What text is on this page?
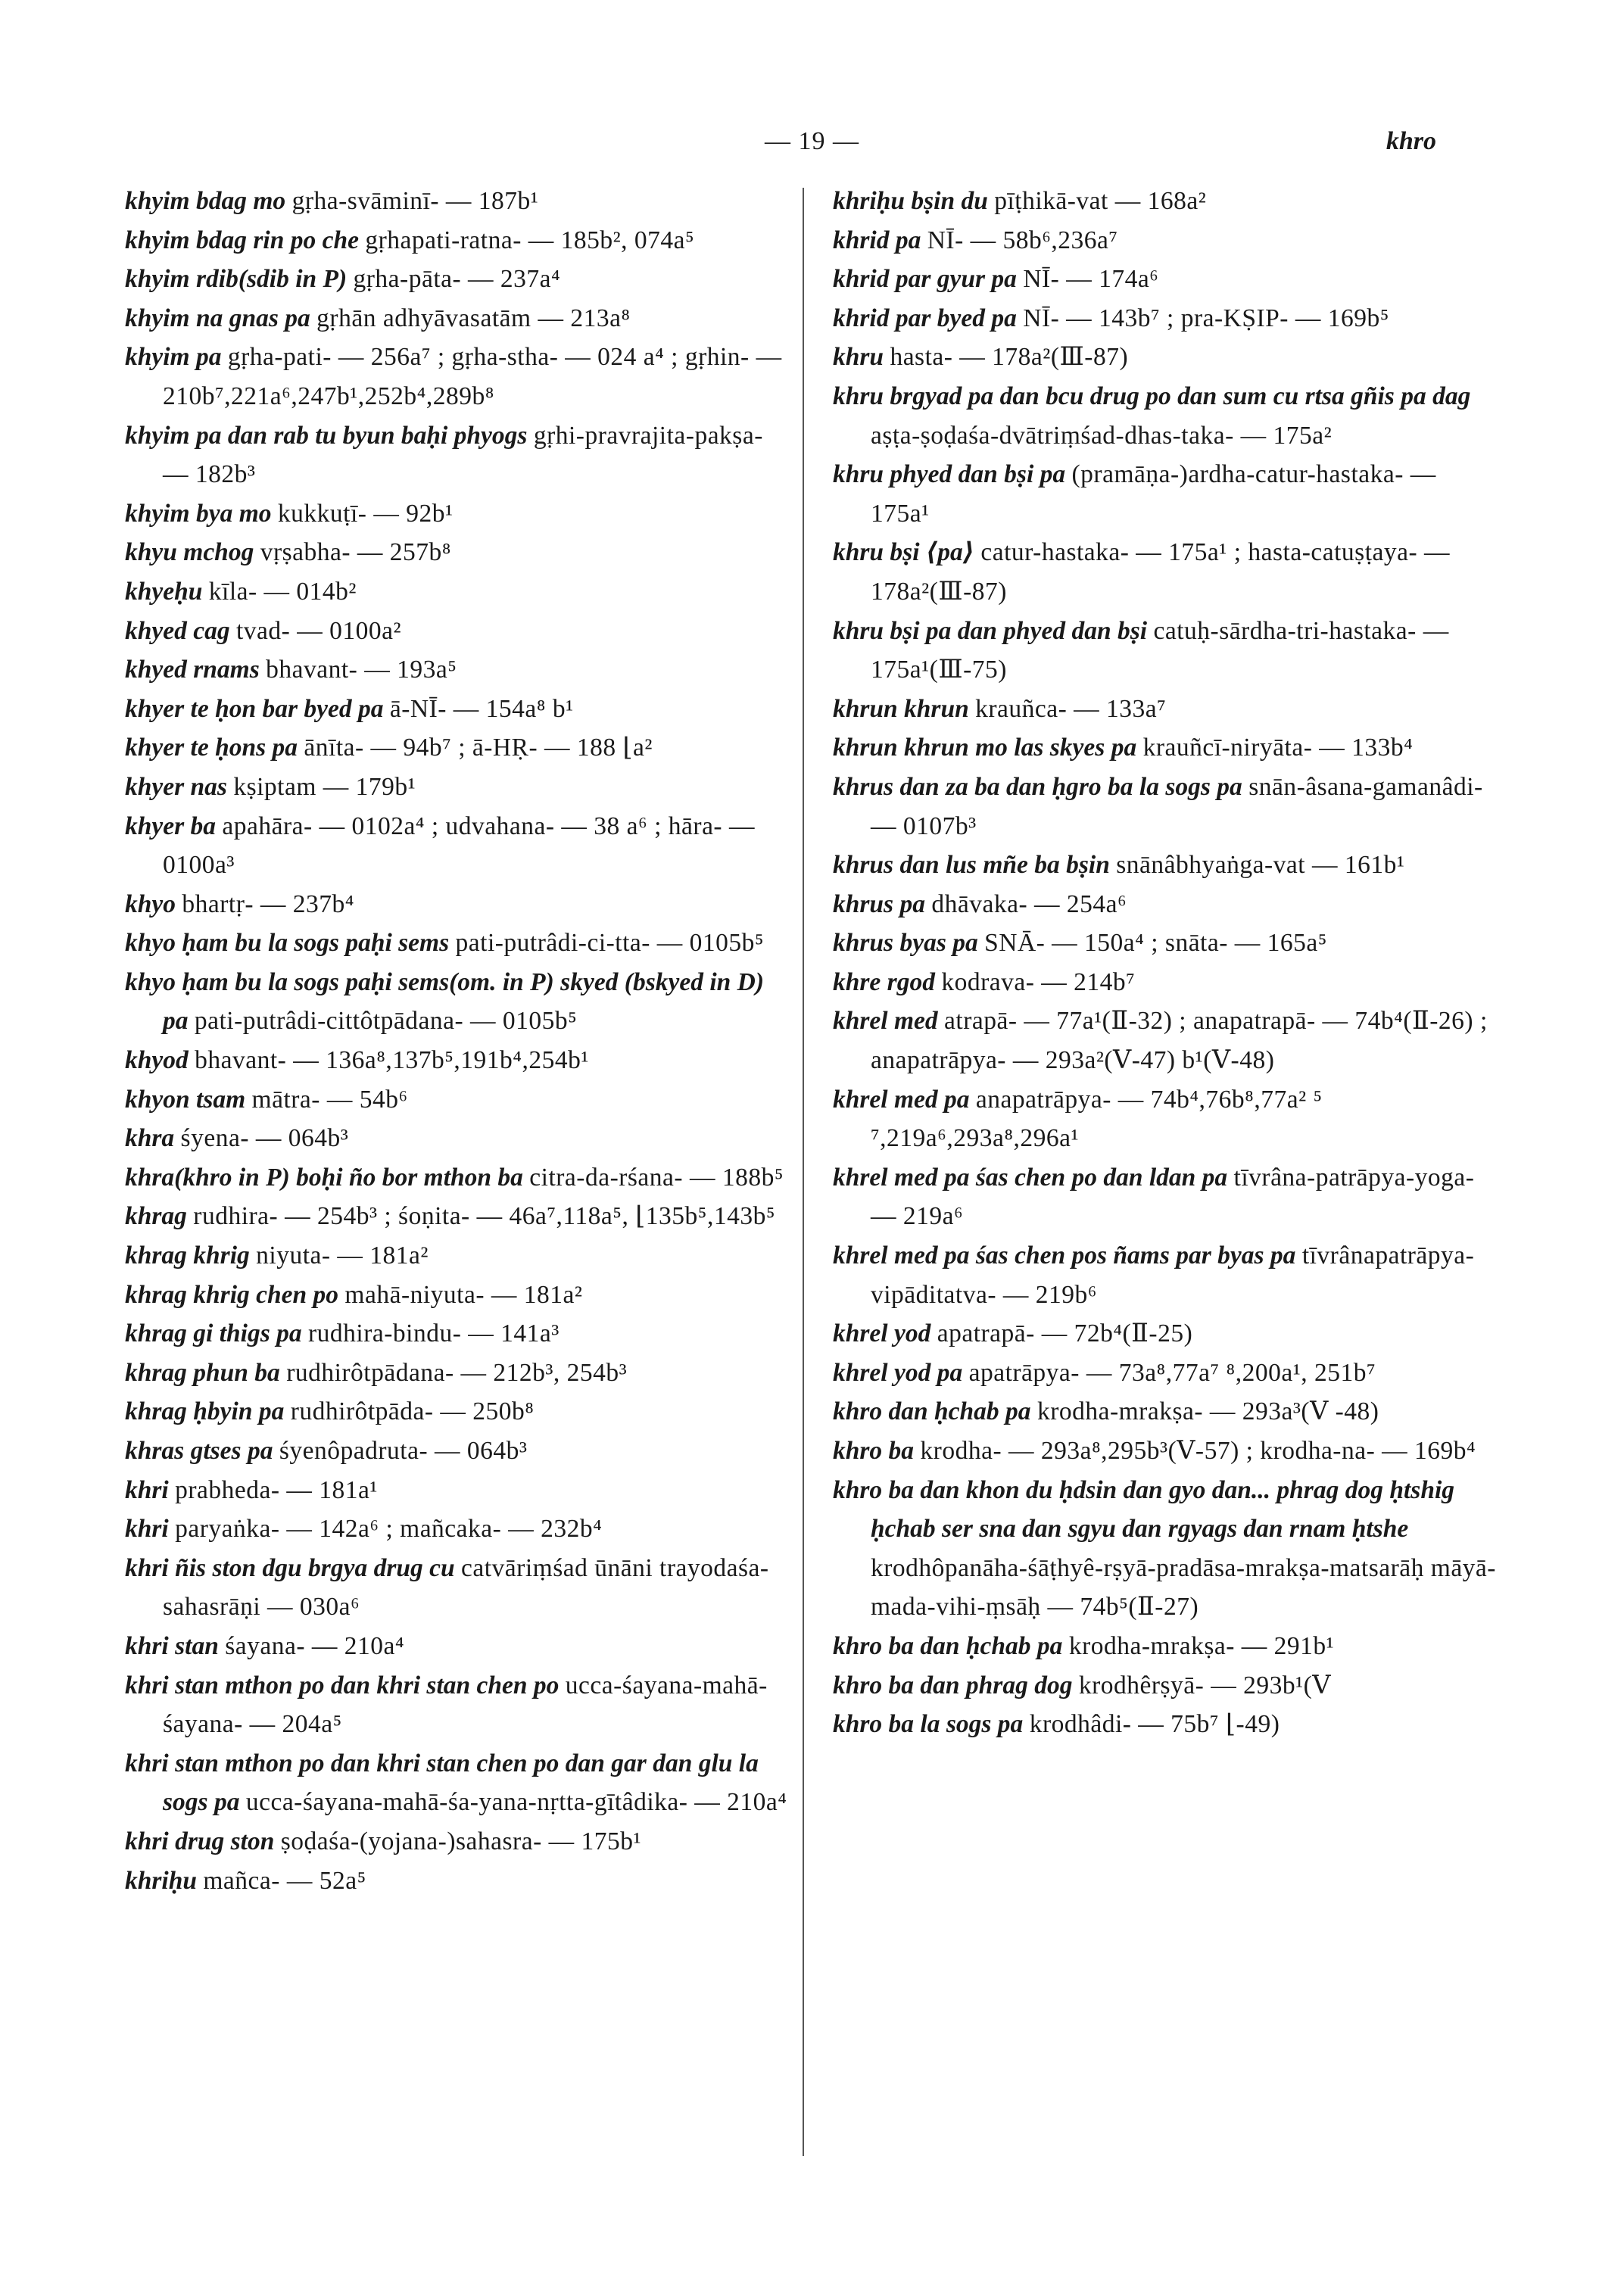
— 19 —	khro
khyim bdag mo gṛha-svāminī- — 187b¹
khyim bdag rin po che gṛhapati-ratna- — 185b², 074a⁵
khyim rdib(sdib in P) gṛha-pāta- — 237a⁴
khyim na gnas pa gṛhān adhyāvasatām — 213a⁸
khyim pa gṛha-pati- — 256a⁷ ; gṛha-stha- — 024 a⁴ ; gṛhin- — 210b⁷,221a⁶,247b¹,252b⁴,289b⁸
khyim pa dan rab tu byun baḥi phyogs gṛhi-pravrajita-pakṣa- — 182b³
khyim bya mo kukkuṭī- — 92b¹
khyu mchog vṛṣabha- — 257b⁸
khyeḥu kīla- — 014b²
khyed cag tvad- — 0100a²
khyed rnams bhavant- — 193a⁵
khyer te ḥon bar byed pa ā-NĪ- — 154a⁸ b¹
khyer te ḥons pa ānīta- — 94b⁷ ; ā-HṚ- — 188 ⌊a²
khyer nas kṣiptam — 179b¹
khyer ba apahāra- — 0102a⁴ ; udvahana- — 38 a⁶ ; hāra- — 0100a³
khyo bhartṛ- — 237b⁴
khyo ḥam bu la sogs paḥi sems pati-putrâdi-ci-tta- — 0105b⁵
khyo ḥam bu la sogs paḥi sems(om. in P) skyed (bskyed in D) pa pati-putrâdi-cittôtpādana- — 0105b⁵
khyod bhavant- — 136a⁸,137b⁵,191b⁴,254b¹
khyon tsam mātra- — 54b⁶
khra śyena- — 064b³
khra(khro in P) boḥi ño bor mthon ba citra-da-rśana- — 188b⁵
khrag rudhira- — 254b³ ; śoṇita- — 46a⁷,118a⁵, ⌊135b⁵,143b⁵
khrag khrig niyuta- — 181a²
khrag khrig chen po mahā-niyuta- — 181a²
khrag gi thigs pa rudhira-bindu- — 141a³
khrag phun ba rudhirôtpādana- — 212b³, 254b³
khrag ḥbyin pa rudhirôtpāda- — 250b⁸
khras gtses pa śyenôpadruta- — 064b³
khri prabheda- — 181a¹
khri paryaṅka- — 142a⁶ ; mañcaka- — 232b⁴
khri ñis ston dgu brgya drug cu catvāriṃśad ūnāni trayodaśa-sahasrāṇi — 030a⁶
khri stan śayana- — 210a⁴
khri stan mthon po dan khri stan chen po ucca-śayana-mahā-śayana- — 204a⁵
khri stan mthon po dan khri stan chen po dan gar dan glu la sogs pa ucca-śayana-mahā-śa-yana-nṛtta-gītâdika- — 210a⁴
khri drug ston ṣoḍaśa-(yojana-)sahasra- — 175b¹
khriḥu mañca- — 52a⁵
khriḥu bṣin du pīṭhikā-vat — 168a²
khrid pa NĪ- — 58b⁶,236a⁷
khrid par gyur pa NĪ- — 174a⁶
khrid par byed pa NĪ- — 143b⁷ ; pra-KṢIP- — 169b⁵
khru hasta- — 178a²(Ⅲ-87)
khru brgyad pa dan bcu drug po dan sum cu rtsa gñis pa dag aṣṭa-ṣoḍaśa-dvātriṃśad-dhas-taka- — 175a²
khru phyed dan bṣi pa (pramāṇa-)ardha-catur-hastaka- — 175a¹
khru bṣi ⟨pa⟩ catur-hastaka- — 175a¹ ; hasta-catuṣṭaya- — 178a²(Ⅲ-87)
khru bṣi pa dan phyed dan bṣi catuḥ-sārdha-tri-hastaka- — 175a¹(Ⅲ-75)
khrun khrun krauñca- — 133a⁷
khrun khrun mo las skyes pa krauñcī-niryāta- — 133b⁴
khrus dan za ba dan ḥgro ba la sogs pa snān-âsana-gamanâdi- — 0107b³
khrus dan lus mñe ba bṣin snānâbhyaṅga-vat — 161b¹
khrus pa dhāvaka- — 254a⁶
khrus byas pa SNĀ- — 150a⁴ ; snāta- — 165a⁵
khre rgod kodrava- — 214b⁷
khrel med atrapā- — 77a¹(Ⅱ-32) ; anapatrapā- — 74b⁴(Ⅱ-26) ; anapatrāpya- — 293a²(Ⅴ-47) b¹(Ⅴ-48)
khrel med pa anapatrāpya- — 74b⁴,76b⁸,77a² ⁵ ⁷,219a⁶,293a⁸,296a¹
khrel med pa śas chen po dan ldan pa tīvrâna-patrāpya-yoga- — 219a⁶
khrel med pa śas chen pos ñams par byas pa tīvrânapatrāpya-vipāditatva- — 219b⁶
khrel yod apatrapā- — 72b⁴(Ⅱ-25)
khrel yod pa apatrāpya- — 73a⁸,77a⁷ ⁸,200a¹, 251b⁷
khro dan ḥchab pa krodha-mrakṣa- — 293a³(Ⅴ -48)
khro ba krodha- — 293a⁸,295b³(Ⅴ-57) ; krodha-na- — 169b⁴
khro ba dan khon du ḥdsin dan gyo dan... phrag dog ḥtshig ḥchab ser sna dan sgyu dan rgyags dan rnam ḥtshe krodhôpanāha-śāṭhyê-rṣyā-pradāsa-mrakṣa-matsarāḥ māyā-mada-vihi-ṃsāḥ — 74b⁵(Ⅱ-27)
khro ba dan ḥchab pa krodha-mrakṣa- — 291b¹
khro ba dan phrag dog krodhêrṣyā- — 293b¹(Ⅴ
khro ba la sogs pa krodhâdi- — 75b⁷ ⌊-49)
